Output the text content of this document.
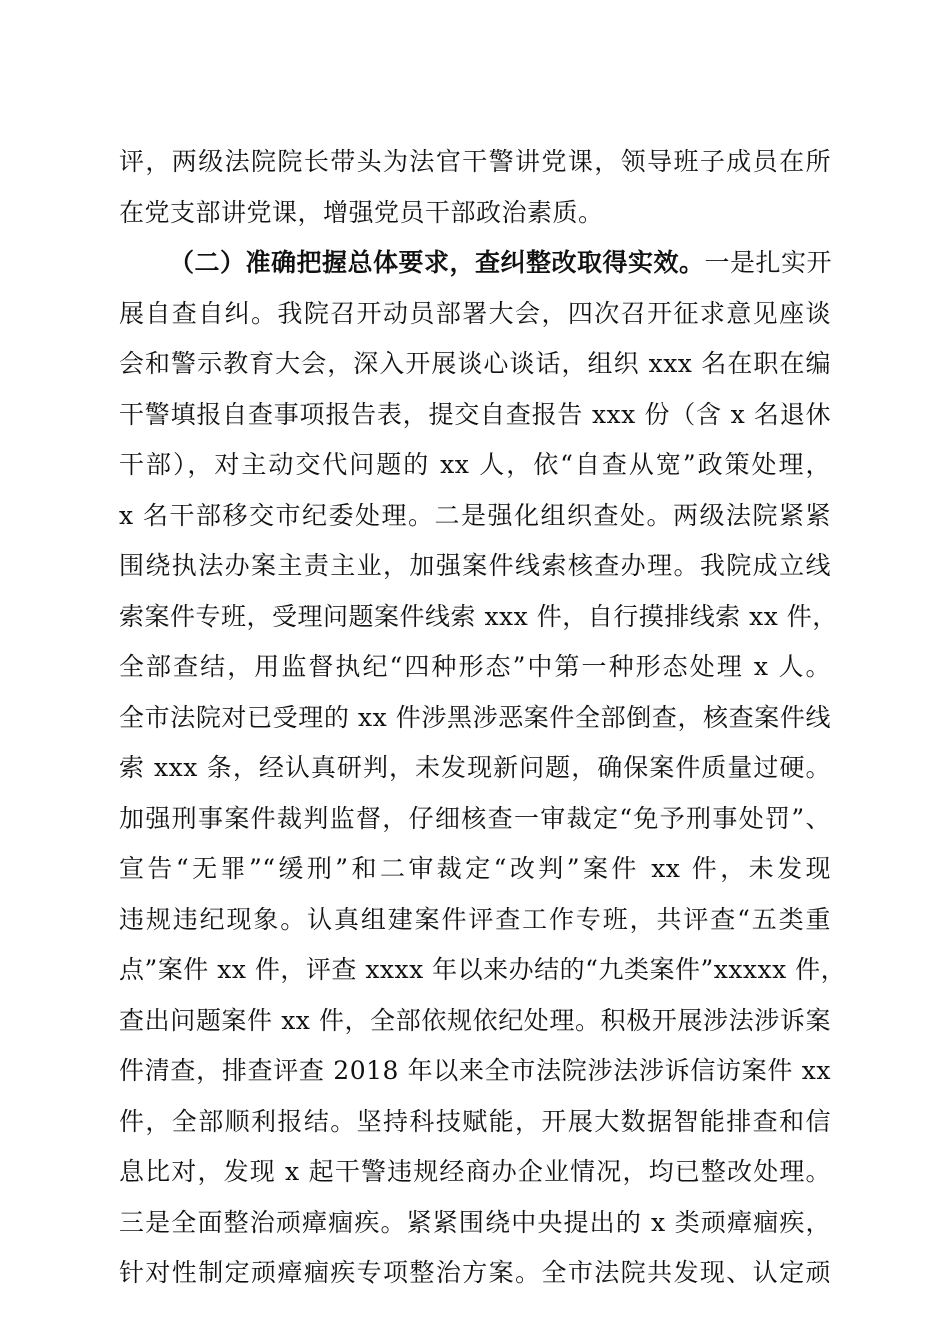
评，两级法院院长带头为法官干警讲党课，领导班子成员在所
在党支部讲党课，增强党员干部政治素质。
（二）准确把握总体要求，查纠整改取得实效。一是扎实开
展自查自纠。我院召开动员部署大会，四次召开征求意见座谈
会和警示教育大会，深入开展谈心谈话，组织 xxx 名在职在编
干警填报自查事项报告表，提交自查报告 xxx 份（含 x 名退休
干部），对主动交代问题的 xx 人，依“自查从宽”政策处理，
x 名干部移交市纪委处理。二是强化组织查处。两级法院紧紧
围绕执法办案主责主业，加强案件线索核查办理。我院成立线
索案件专班，受理问题案件线索 xxx 件，自行摸排线索 xx 件，
全部查结，用监督执纪“四种形态”中第一种形态处理 x 人。
全市法院对已受理的 xx 件涉黑涉恶案件全部倒查，核查案件线
索 xxx 条，经认真研判，未发现新问题，确保案件质量过硬。
加强刑事案件裁判监督，仔细核查一审裁定“免予刑事处罚”、
宣告“无罪”“缓刑”和二审裁定“改判”案件 xx 件，未发现
违规违纪现象。认真组建案件评查工作专班，共评查“五类重
点”案件 xx 件，评查 xxxx 年以来办结的“九类案件”xxxxx 件，
查出问题案件 xx 件，全部依规依纪处理。积极开展涉法涉诉案
件清查，排查评查 2018 年以来全市法院涉法涉诉信访案件 xx
件，全部顺利报结。坚持科技赋能，开展大数据智能排查和信
息比对，发现 x 起干警违规经商办企业情况，均已整改处理。
三是全面整治顽瘴痼疾。紧紧围绕中央提出的 x 类顽瘴痼疾，
针对性制定顽瘴痼疾专项整治方案。全市法院共发现、认定顽
